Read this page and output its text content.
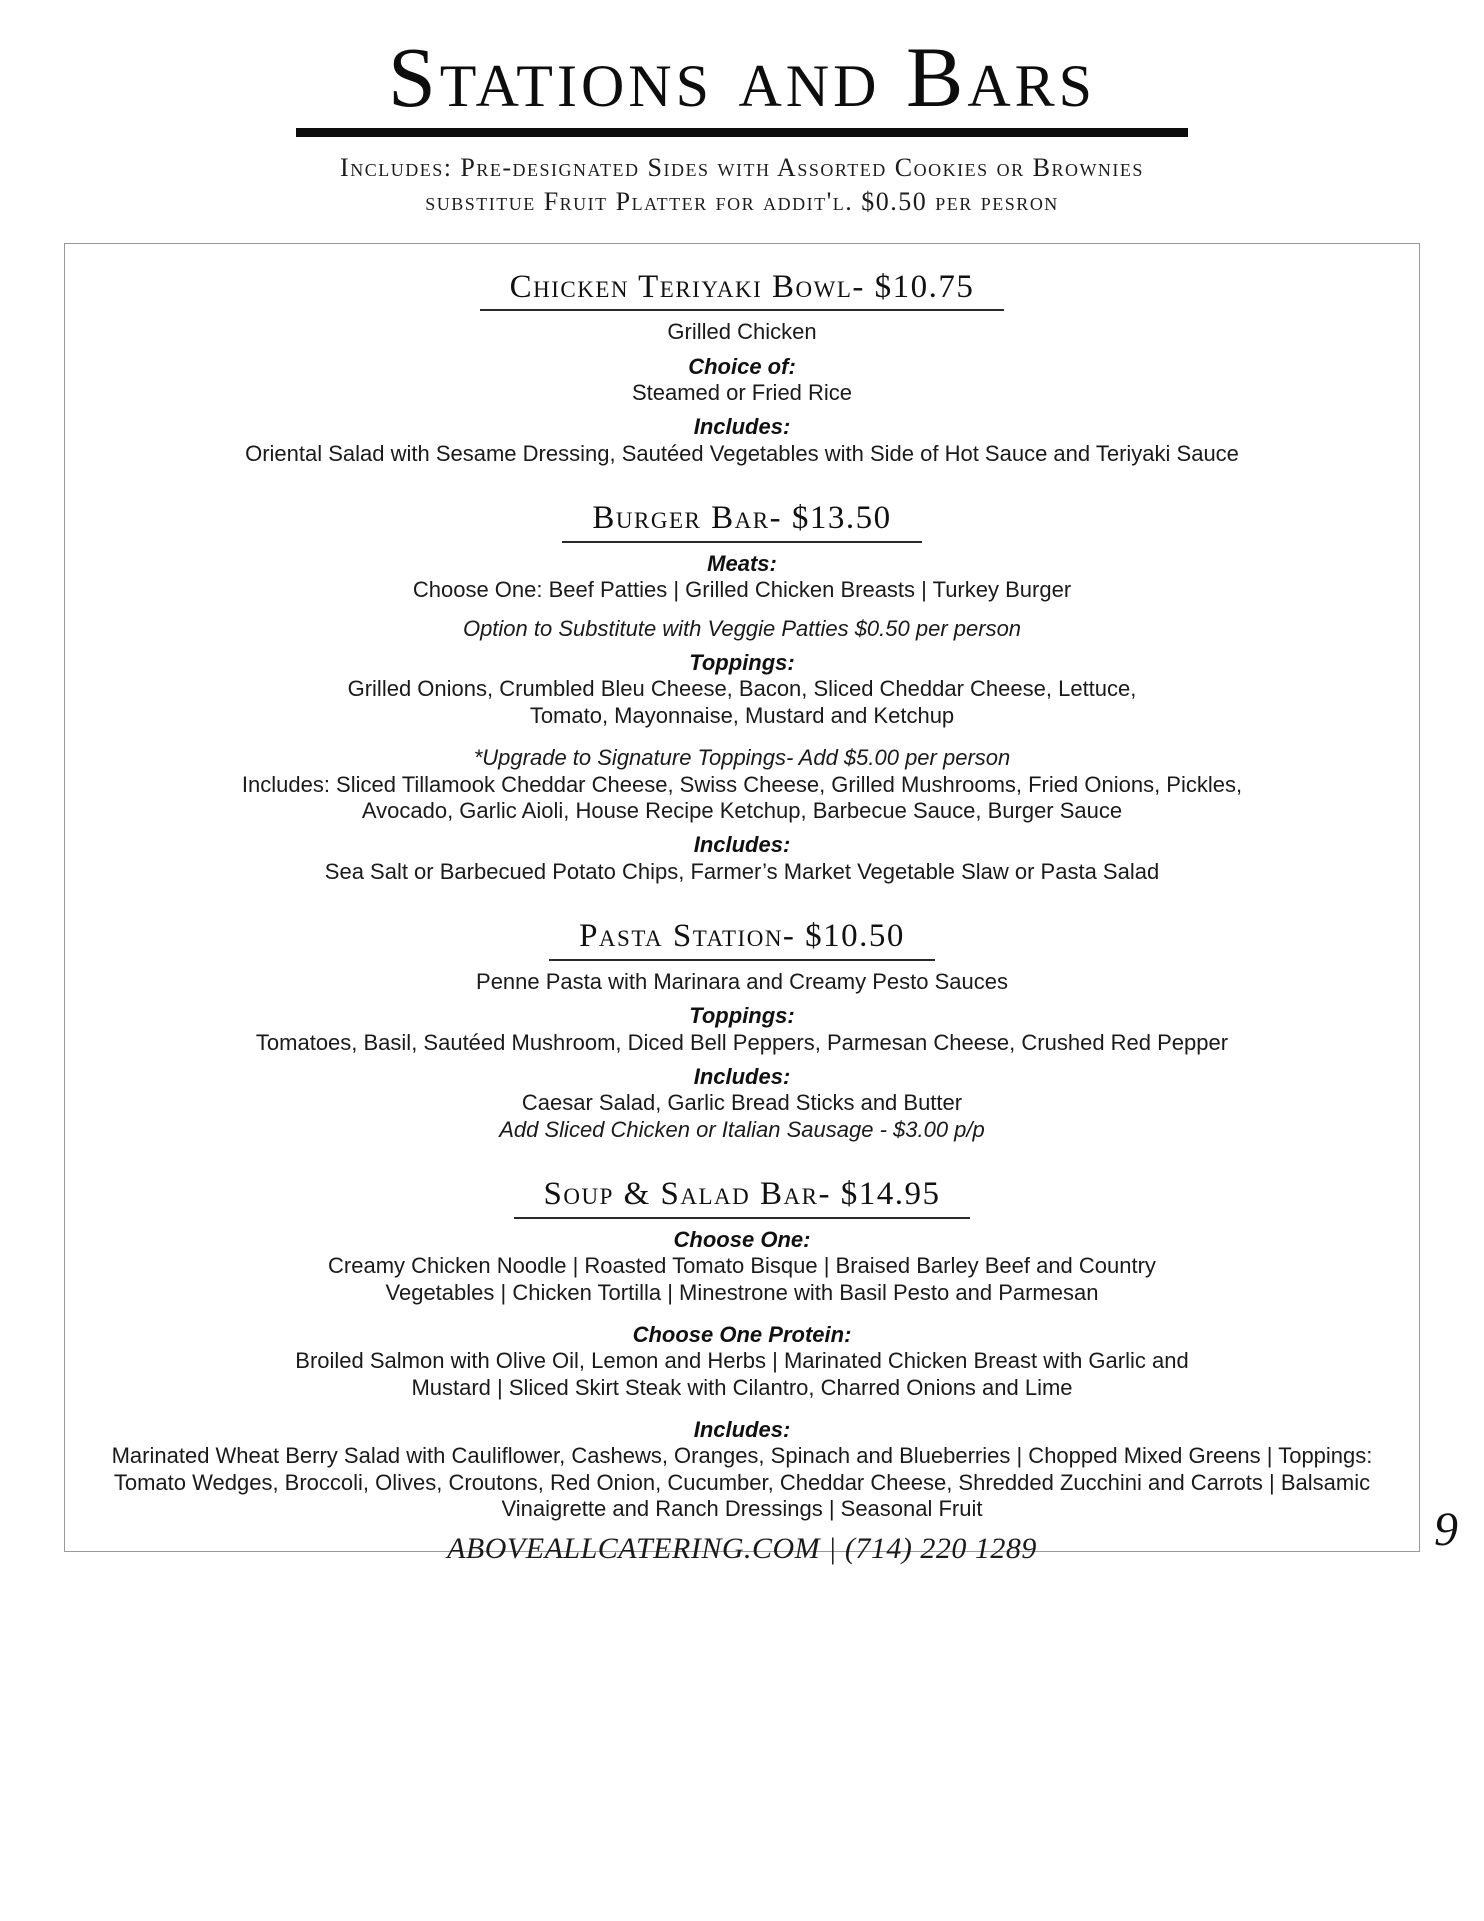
Stations and Bars
Includes: Pre-designated Sides with Assorted Cookies or Brownies
substitue Fruit Platter for addit'l. $0.50 per pesron
Chicken Teriyaki Bowl- $10.75
Grilled Chicken
Choice of:
Steamed or Fried Rice
Includes:
Oriental Salad with Sesame Dressing, Sautéed Vegetables with Side of Hot Sauce and Teriyaki Sauce
Burger Bar- $13.50
Meats:
Choose One: Beef Patties | Grilled Chicken Breasts | Turkey Burger
Option to Substitute with Veggie Patties $0.50 per person
Toppings:
Grilled Onions, Crumbled Bleu Cheese, Bacon, Sliced Cheddar Cheese, Lettuce, Tomato, Mayonnaise, Mustard and Ketchup
*Upgrade to Signature Toppings- Add $5.00 per person
Includes: Sliced Tillamook Cheddar Cheese, Swiss Cheese, Grilled Mushrooms, Fried Onions, Pickles, Avocado, Garlic Aioli, House Recipe Ketchup, Barbecue Sauce, Burger Sauce
Includes:
Sea Salt or Barbecued Potato Chips, Farmer’s Market Vegetable Slaw or Pasta Salad
Pasta Station- $10.50
Penne Pasta with Marinara and Creamy Pesto Sauces
Toppings:
Tomatoes, Basil, Sautéed Mushroom, Diced Bell Peppers, Parmesan Cheese, Crushed Red Pepper
Includes:
Caesar Salad, Garlic Bread Sticks and Butter
Add Sliced Chicken or Italian Sausage - $3.00 p/p
Soup & Salad Bar- $14.95
Choose One:
Creamy Chicken Noodle | Roasted Tomato Bisque | Braised Barley Beef and Country Vegetables | Chicken Tortilla | Minestrone with Basil Pesto and Parmesan
Choose One Protein:
Broiled Salmon with Olive Oil, Lemon and Herbs | Marinated Chicken Breast with Garlic and Mustard | Sliced Skirt Steak with Cilantro, Charred Onions and Lime
Includes:
Marinated Wheat Berry Salad with Cauliflower, Cashews, Oranges, Spinach and Blueberries | Chopped Mixed Greens | Toppings: Tomato Wedges, Broccoli, Olives, Croutons, Red Onion, Cucumber, Cheddar Cheese, Shredded Zucchini and Carrots | Balsamic Vinaigrette and Ranch Dressings | Seasonal Fruit
ABOVEALLCATERING.COM | (714) 220 1289	9
